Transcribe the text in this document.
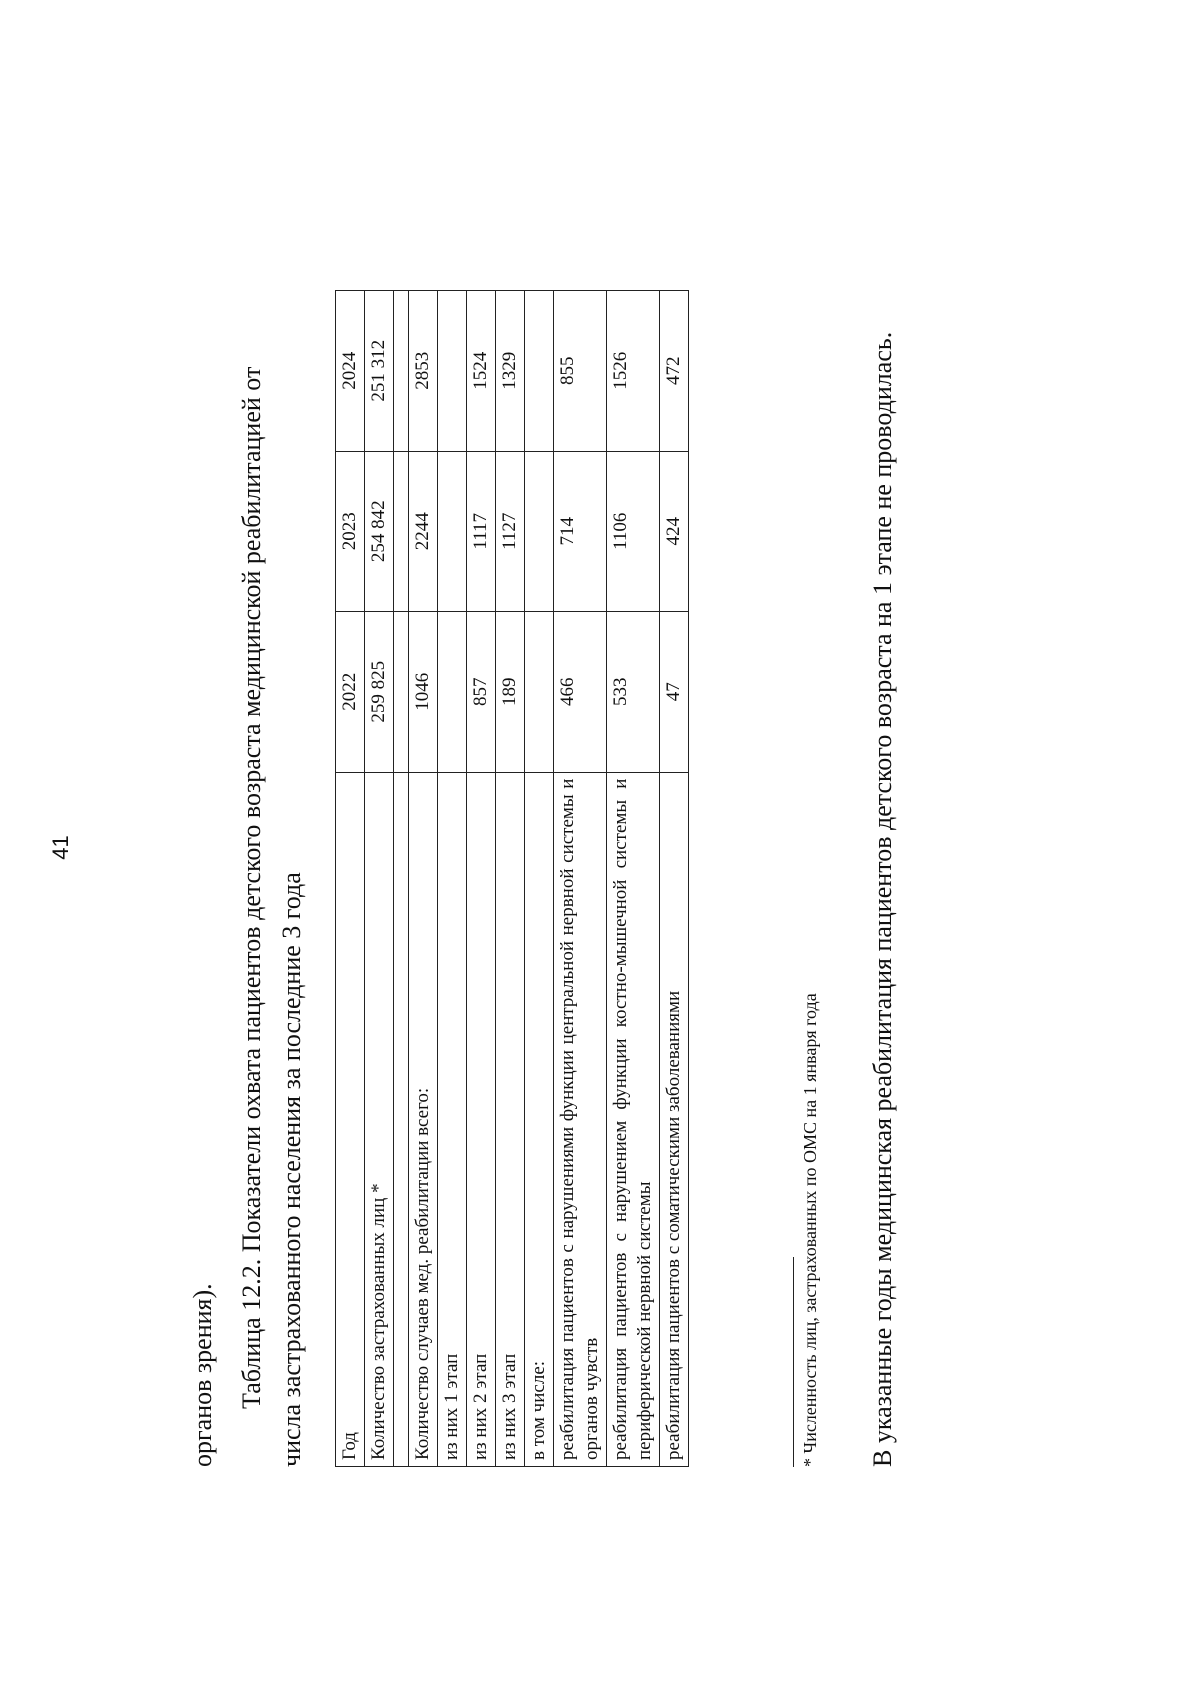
41

органов зрения). Таблица 12.2. Показатели охвата пациентов детского возраста медицинской реабилитацией от числа застрахованного населения за последние 3 года	Год	2022	2023	2024
Количество застрахованных лиц *	259 825	254 842	251 312

Количество случаев мед. реабилитации всего:	1046	2244	2853
из них 1 этап			
из них 2 этап	857	1117	1524
из них 3 этап	189	1127	1329
в том числе:			
реабилитация пациентов с нарушениями функции центральной нервной системы и органов чувств	466	714	855
реабилитация пациентов с нарушением функции костно-мышечной системы и периферической нервной системы	533	1106	1526
реабилитация пациентов с соматическими заболеваниями	47	424	472

* Численность лиц, застрахованных по ОМС на 1 января года В указанные годы медицинская реабилитация пациентов детского возраста на 1 этапе не проводилась.
